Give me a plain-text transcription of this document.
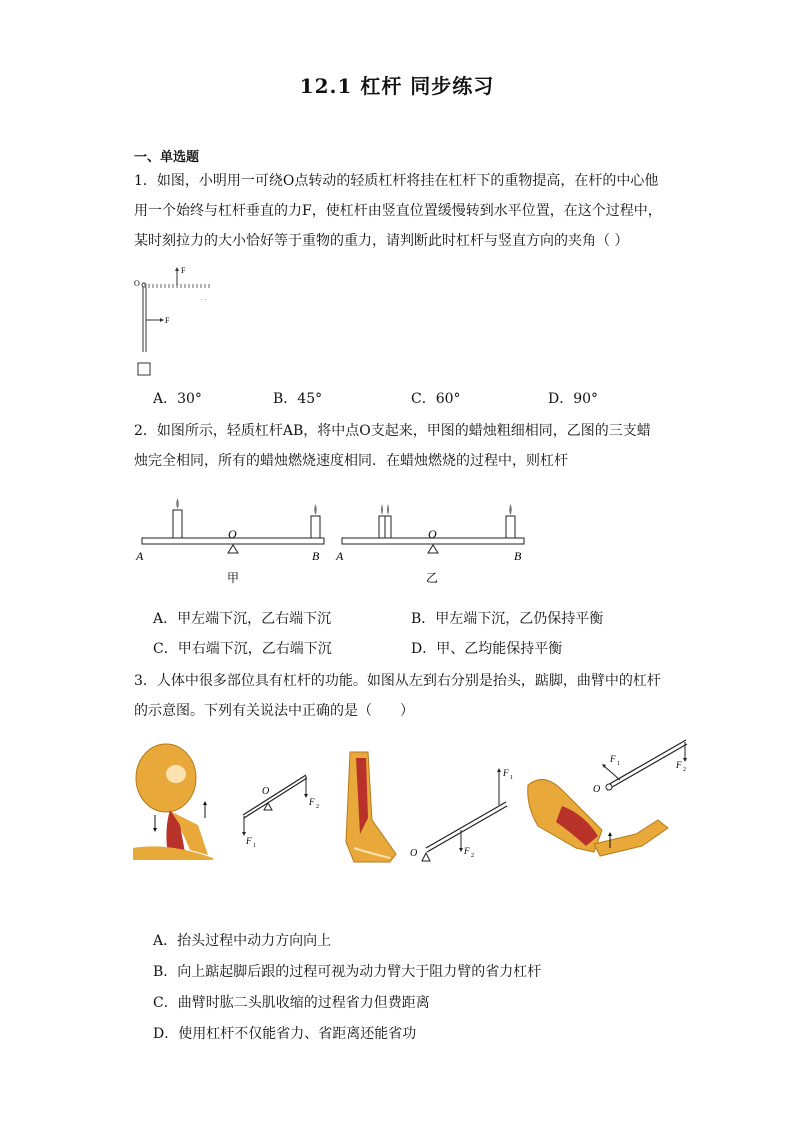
12.1 杠杆 同步练习
一、单选题
1．如图，小明用一可绕O点转动的轻质杠杆将挂在杠杆下的重物提高，在杆的中心他
用一个始终与杠杆垂直的力F，使杠杆由竖直位置缓慢转到水平位置，在这个过程中，
某时刻拉力的大小恰好等于重物的重力，请判断此时杠杆与竖直方向的夹角（ ）
O
F
· ·
F
A．30°	B．45°	C．60°	D．90°
2．如图所示，轻质杠杆AB，将中点O支起来，甲图的蜡烛粗细相同，乙图的三支蜡
烛完全相同，所有的蜡烛燃烧速度相同．在蜡烛燃烧的过程中，则杠杆
O
A	B
甲
O
A	B
乙
A．甲左端下沉，乙右端下沉	B．甲左端下沉，乙仍保持平衡
C．甲右端下沉，乙右端下沉	D．甲、乙均能保持平衡
3．人体中很多部位具有杠杆的功能。如图从左到右分别是抬头，踮脚，曲臂中的杠杆
的示意图。下列有关说法中正确的是（　　）
O
F 1
F 2
O	F 2
F 1
O
F 1	F 2
A．抬头过程中动力方向向上
B．向上踮起脚后跟的过程可视为动力臂大于阻力臂的省力杠杆
C．曲臂时肱二头肌收缩的过程省力但费距离
D．使用杠杆不仅能省力、省距离还能省功
